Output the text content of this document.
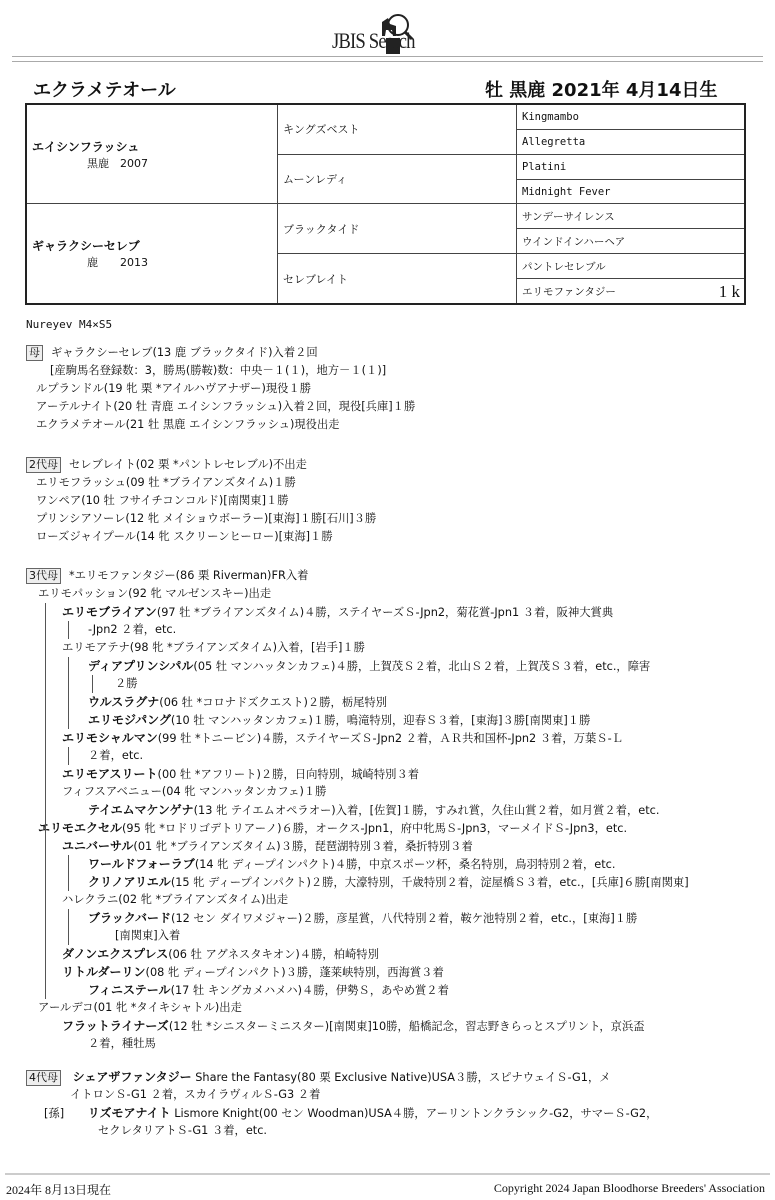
JBIS Search
エクラメテオール	牡 黒鹿 2021年 4月14日生
エイシンフラッシュ
黒鹿　2007	キングズベスト	Kingmambo
		Allegretta
	ムーンレディ	Platini
		Midnight Fever

ギャラクシーセレブ
鹿　　2013	ブラックタイド	サンデーサイレンス
		ウインドインハーヘア
	セレブレイト	パントレセレブル
		エリモファンタジー 1 k
Nureyev M4×S5
母 ギャラクシーセレブ(13 鹿 ブラックタイド)入着２回
[産駒馬名登録数：3，勝馬(勝鞍)数：中央－１(１)，地方－１(１)]
ルプランドル(19 牝 栗 *アイルハヴアナザー)現役１勝
アーテルナイト(20 牡 青鹿 エイシンフラッシュ)入着２回，現役[兵庫]１勝
エクラメテオール(21 牡 黒鹿 エイシンフラッシュ)現役出走
2代母 セレブレイト(02 栗 *パントレセレブル)不出走
エリモフラッシュ(09 牡 *ブライアンズタイム)１勝
ワンペア(10 牡 フサイチコンコルド)[南関東]１勝
プリンシアソーレ(12 牝 メイショウボーラー)[東海]１勝[石川]３勝
ローズジャイプール(14 牝 スクリーンヒーロー)[東海]１勝
3代母 *エリモファンタジー(86 栗 Riverman)FR入着
エリモパッション(92 牝 マルゼンスキー)出走
エリモブライアン(97 牡 *ブライアンズタイム)４勝，ステイヤーズＳ-Jpn2，菊花賞-Jpn1 ３着，阪神大賞典
-Jpn2 ２着，etc.
エリモアテナ(98 牝 *ブライアンズタイム)入着，[岩手]１勝
ディアプリンシパル(05 牡 マンハッタンカフェ)４勝，上賀茂Ｓ２着，北山Ｓ２着，上賀茂Ｓ３着，etc.，障害
２勝
ウルスラグナ(06 牡 *コロナドズクエスト)２勝，栃尾特別
エリモジパング(10 牡 マンハッタンカフェ)１勝，鳴滝特別，迎春Ｓ３着，[東海]３勝[南関東]１勝
エリモシャルマン(99 牡 *トニービン)４勝，ステイヤーズＳ-Jpn2 ２着，ＡＲ共和国杯-Jpn2 ３着，万葉Ｓ-Ｌ
２着，etc.
エリモアスリート(00 牡 *アフリート)２勝，日向特別，城崎特別３着
フィフスアベニュー(04 牝 マンハッタンカフェ)１勝
テイエムマケンゲナ(13 牝 テイエムオペラオー)入着，[佐賀]１勝，すみれ賞，久住山賞２着，如月賞２着，etc.
エリモエクセル(95 牝 *ロドリゴデトリアーノ)６勝，オークス-Jpn1，府中牝馬Ｓ-Jpn3，マーメイドＳ-Jpn3，etc.
ユニバーサル(01 牝 *ブライアンズタイム)３勝，琵琶湖特別３着，桑折特別３着
ワールドフォーラブ(14 牝 ディープインパクト)４勝，中京スポーツ杯，桑名特別，鳥羽特別２着，etc.
クリノアリエル(15 牝 ディープインパクト)２勝，大濠特別，千歳特別２着，淀屋橋Ｓ３着，etc.，[兵庫]６勝[南関東]
ハレクラニ(02 牝 *ブライアンズタイム)出走
ブラックバード(12 セン ダイワメジャー)２勝，彦星賞，八代特別２着，鞍ケ池特別２着，etc.，[東海]１勝
[南関東]入着
ダノンエクスプレス(06 牡 アグネスタキオン)４勝，柏崎特別
リトルダーリン(08 牝 ディープインパクト)３勝，蓬莱峡特別，西海賞３着
フィニステール(17 牡 キングカメハメハ)４勝，伊勢Ｓ，あやめ賞２着
アールデコ(01 牝 *タイキシャトル)出走
フラットライナーズ(12 牡 *シニスターミニスター)[南関東]10勝，船橋記念，習志野きらっとスプリント，京浜盃
２着，種牡馬
4代母 シェアザファンタジー Share the Fantasy(80 栗 Exclusive Native)USA３勝，スピナウェイＳ-G1，メ
イトロンＳ-G1 ２着，スカイラヴィルＳ-G3 ２着
[孫] リズモアナイト Lismore Knight(00 セン Woodman)USA４勝，アーリントンクラシック-G2，サマーＳ-G2，
セクレタリアトＳ-G1 ３着，etc.
2024年 8月13日現在	Copyright 2024 Japan Bloodhorse Breeders' Association
